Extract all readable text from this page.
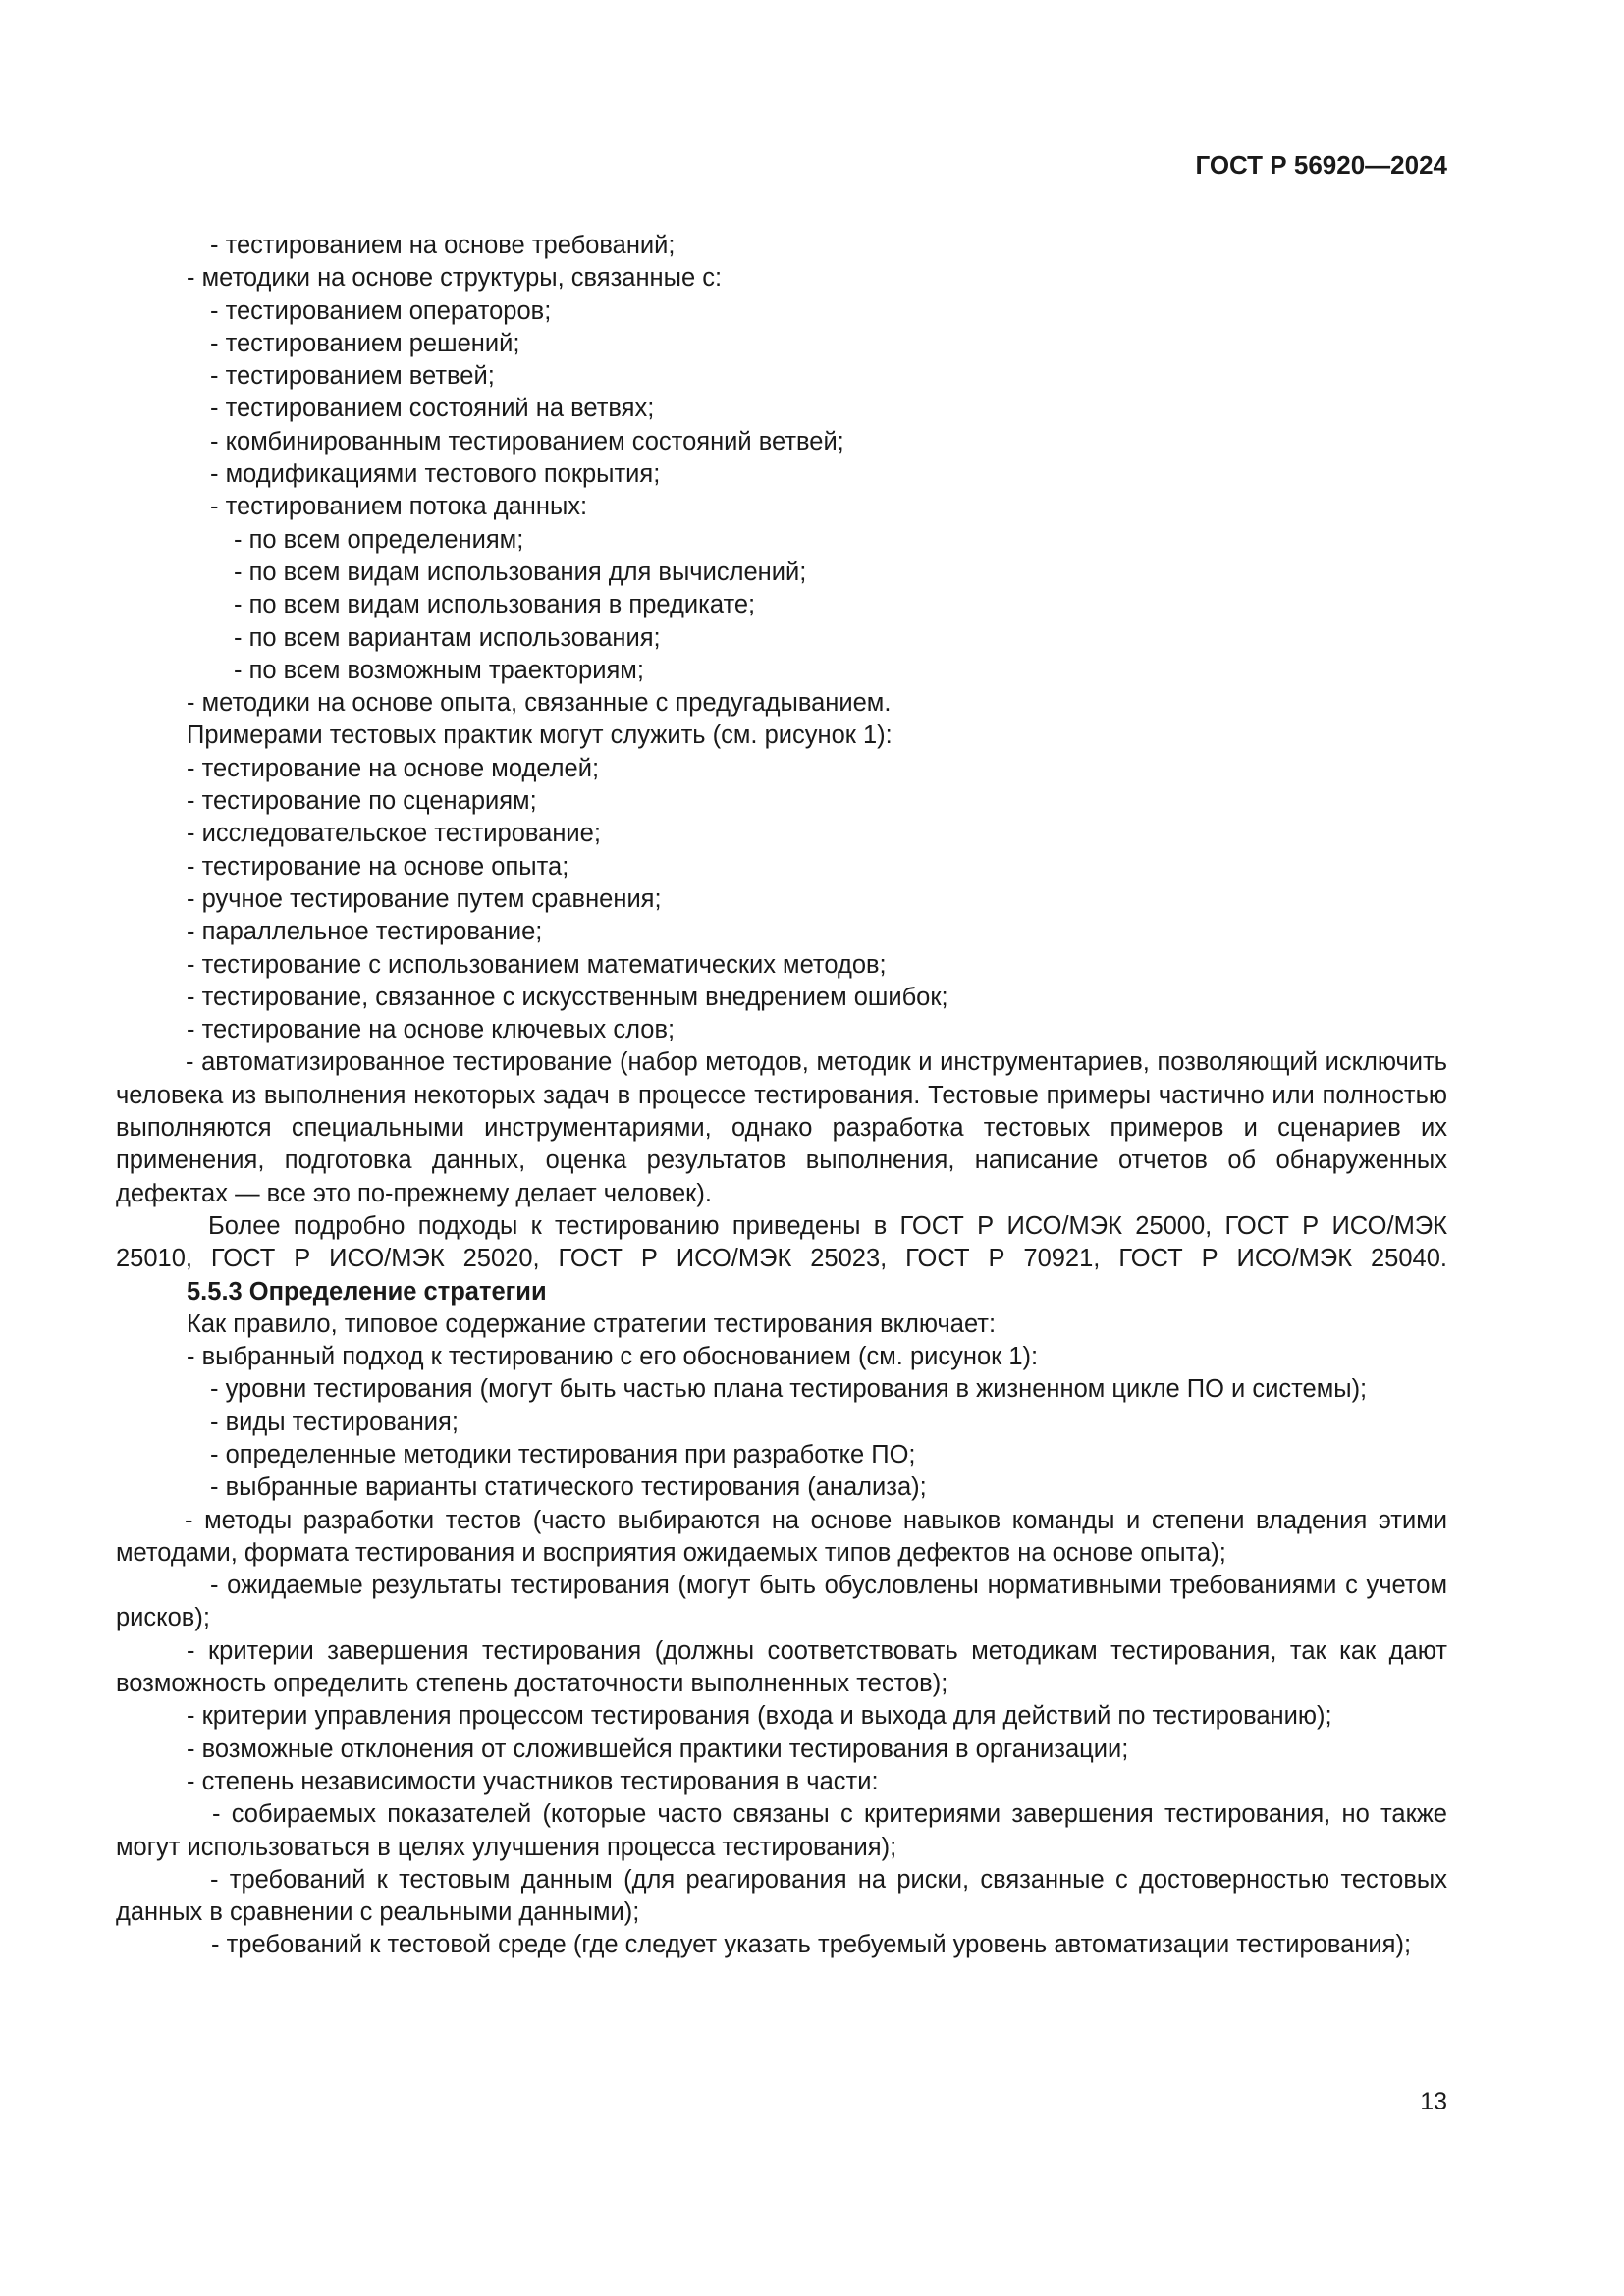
ГОСТ Р 56920—2024
- тестированием на основе требований;
- методики на основе структуры, связанные с:
- тестированием операторов;
- тестированием решений;
- тестированием ветвей;
- тестированием состояний на ветвях;
- комбинированным тестированием состояний ветвей;
- модификациями тестового покрытия;
- тестированием потока данных:
- по всем определениям;
- по всем видам использования для вычислений;
- по всем видам использования в предикате;
- по всем вариантам использования;
- по всем возможным траекториям;
- методики на основе опыта, связанные с предугадыванием.
Примерами тестовых практик могут служить (см. рисунок 1):
- тестирование на основе моделей;
- тестирование по сценариям;
- исследовательское тестирование;
- тестирование на основе опыта;
- ручное тестирование путем сравнения;
- параллельное тестирование;
- тестирование с использованием математических методов;
- тестирование, связанное с искусственным внедрением ошибок;
- тестирование на основе ключевых слов;
- автоматизированное тестирование (набор методов, методик и инструментариев, позволяющий исключить человека из выполнения некоторых задач в процессе тестирования. Тестовые примеры частично или полностью выполняются специальными инструментариями, однако разработка тестовых примеров и сценариев их применения, подготовка данных, оценка результатов выполнения, написание отчетов об обнаруженных дефектах — все это по-прежнему делает человек).
Более подробно подходы к тестированию приведены в ГОСТ Р ИСО/МЭК 25000, ГОСТ Р ИСО/МЭК 25010, ГОСТ Р ИСО/МЭК 25020, ГОСТ Р ИСО/МЭК 25023, ГОСТ Р 70921, ГОСТ Р ИСО/МЭК 25040.
5.5.3 Определение стратегии
Как правило, типовое содержание стратегии тестирования включает:
- выбранный подход к тестированию с его обоснованием (см. рисунок 1):
- уровни тестирования (могут быть частью плана тестирования в жизненном цикле ПО и системы);
- виды тестирования;
- определенные методики тестирования при разработке ПО;
- выбранные варианты статического тестирования (анализа);
- методы разработки тестов (часто выбираются на основе навыков команды и степени владения этими методами, формата тестирования и восприятия ожидаемых типов дефектов на основе опыта);
- ожидаемые результаты тестирования (могут быть обусловлены нормативными требованиями с учетом рисков);
- критерии завершения тестирования (должны соответствовать методикам тестирования, так как дают возможность определить степень достаточности выполненных тестов);
- критерии управления процессом тестирования (входа и выхода для действий по тестированию);
- возможные отклонения от сложившейся практики тестирования в организации;
- степень независимости участников тестирования в части:
- собираемых показателей (которые часто связаны с критериями завершения тестирования, но также могут использоваться в целях улучшения процесса тестирования);
- требований к тестовым данным (для реагирования на риски, связанные с достоверностью тестовых данных в сравнении с реальными данными);
- требований к тестовой среде (где следует указать требуемый уровень автоматизации тестирования);
13
